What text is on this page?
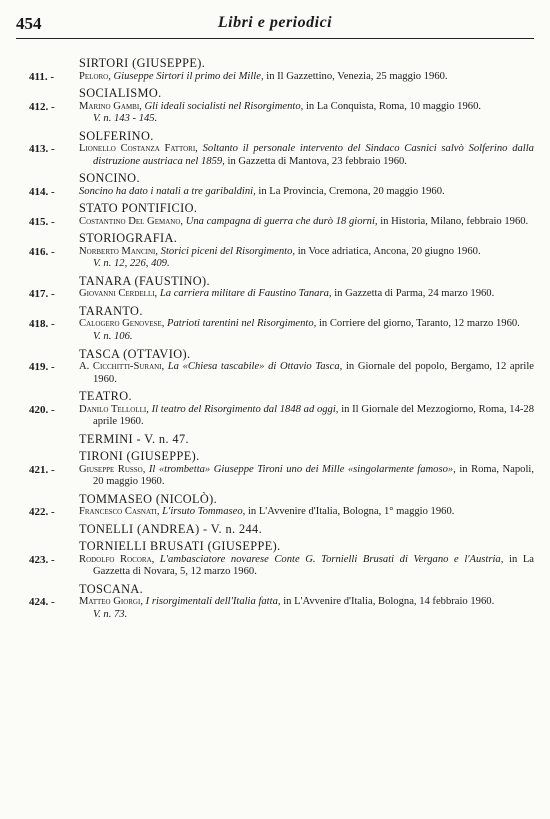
454	Libri e periodici
SIRTORI (GIUSEPPE).
411. -	Peloro, Giuseppe Sirtori il primo dei Mille, in Il Gazzettino, Venezia, 25 maggio 1960.
SOCIALISMO.
412. -	Marino Gambi, Gli ideali socialisti nel Risorgimento, in La Conquista, Roma, 10 maggio 1960.
V. n. 143 - 145.
SOLFERINO.
413. -	Lionello Costanza Fattori, Soltanto il personale intervento del Sindaco Casnici salvò Solferino dalla distruzione austriaca nel 1859, in Gazzetta di Mantova, 23 febbraio 1960.
SONCINO.
414. -	Soncino ha dato i natali a tre garibaldini, in La Provincia, Cremona, 20 maggio 1960.
STATO PONTIFICIO.
415. -	Costantino Del Gemano, Una campagna di guerra che durò 18 giorni, in Historia, Milano, febbraio 1960.
STORIOGRAFIA.
416. -	Norberto Mancini, Storici piceni del Risorgimento, in Voce adriatica, Ancona, 20 giugno 1960.
V. n. 12, 226, 409.
TANARA (FAUSTINO).
417. -	Giovanni Cerdelli, La carriera militare di Faustino Tanara, in Gazzetta di Parma, 24 marzo 1960.
TARANTO.
418. -	Calogero Genovese, Patrioti tarentini nel Risorgimento, in Corriere del giorno, Taranto, 12 marzo 1960.
V. n. 106.
TASCA (OTTAVIO).
419. -	A. Cicchitti-Surani, La «Chiesa tascabile» di Ottavio Tasca, in Giornale del popolo, Bergamo, 12 aprile 1960.
TEATRO.
420. -	Danilo Tellolli, Il teatro del Risorgimento dal 1848 ad oggi, in Il Giornale del Mezzogiorno, Roma, 14-28 aprile 1960.
TERMINI - V. n. 47.
TIRONI (GIUSEPPE).
421. -	Giuseppe Russo, Il «trombetta» Giuseppe Tironi uno dei Mille «singolarmente famoso», in Roma, Napoli, 20 maggio 1960.
TOMMASEO (NICOLÒ).
422. -	Francesco Casnati, L'irsuto Tommaseo, in L'Avvenire d'Italia, Bologna, 1° maggio 1960.
TONELLI (ANDREA) - V. n. 244.
TORNIELLI BRUSATI (GIUSEPPE).
423. -	Rodolfo Rocora, L'ambasciatore novarese Conte G. Tornielli Brusati di Vergano e l'Austria, in La Gazzetta di Novara, 5, 12 marzo 1960.
TOSCANA.
424. -	Matteo Giorgi, I risorgimentali dell'Italia fatta, in L'Avvenire d'Italia, Bologna, 14 febbraio 1960.
V. n. 73.
